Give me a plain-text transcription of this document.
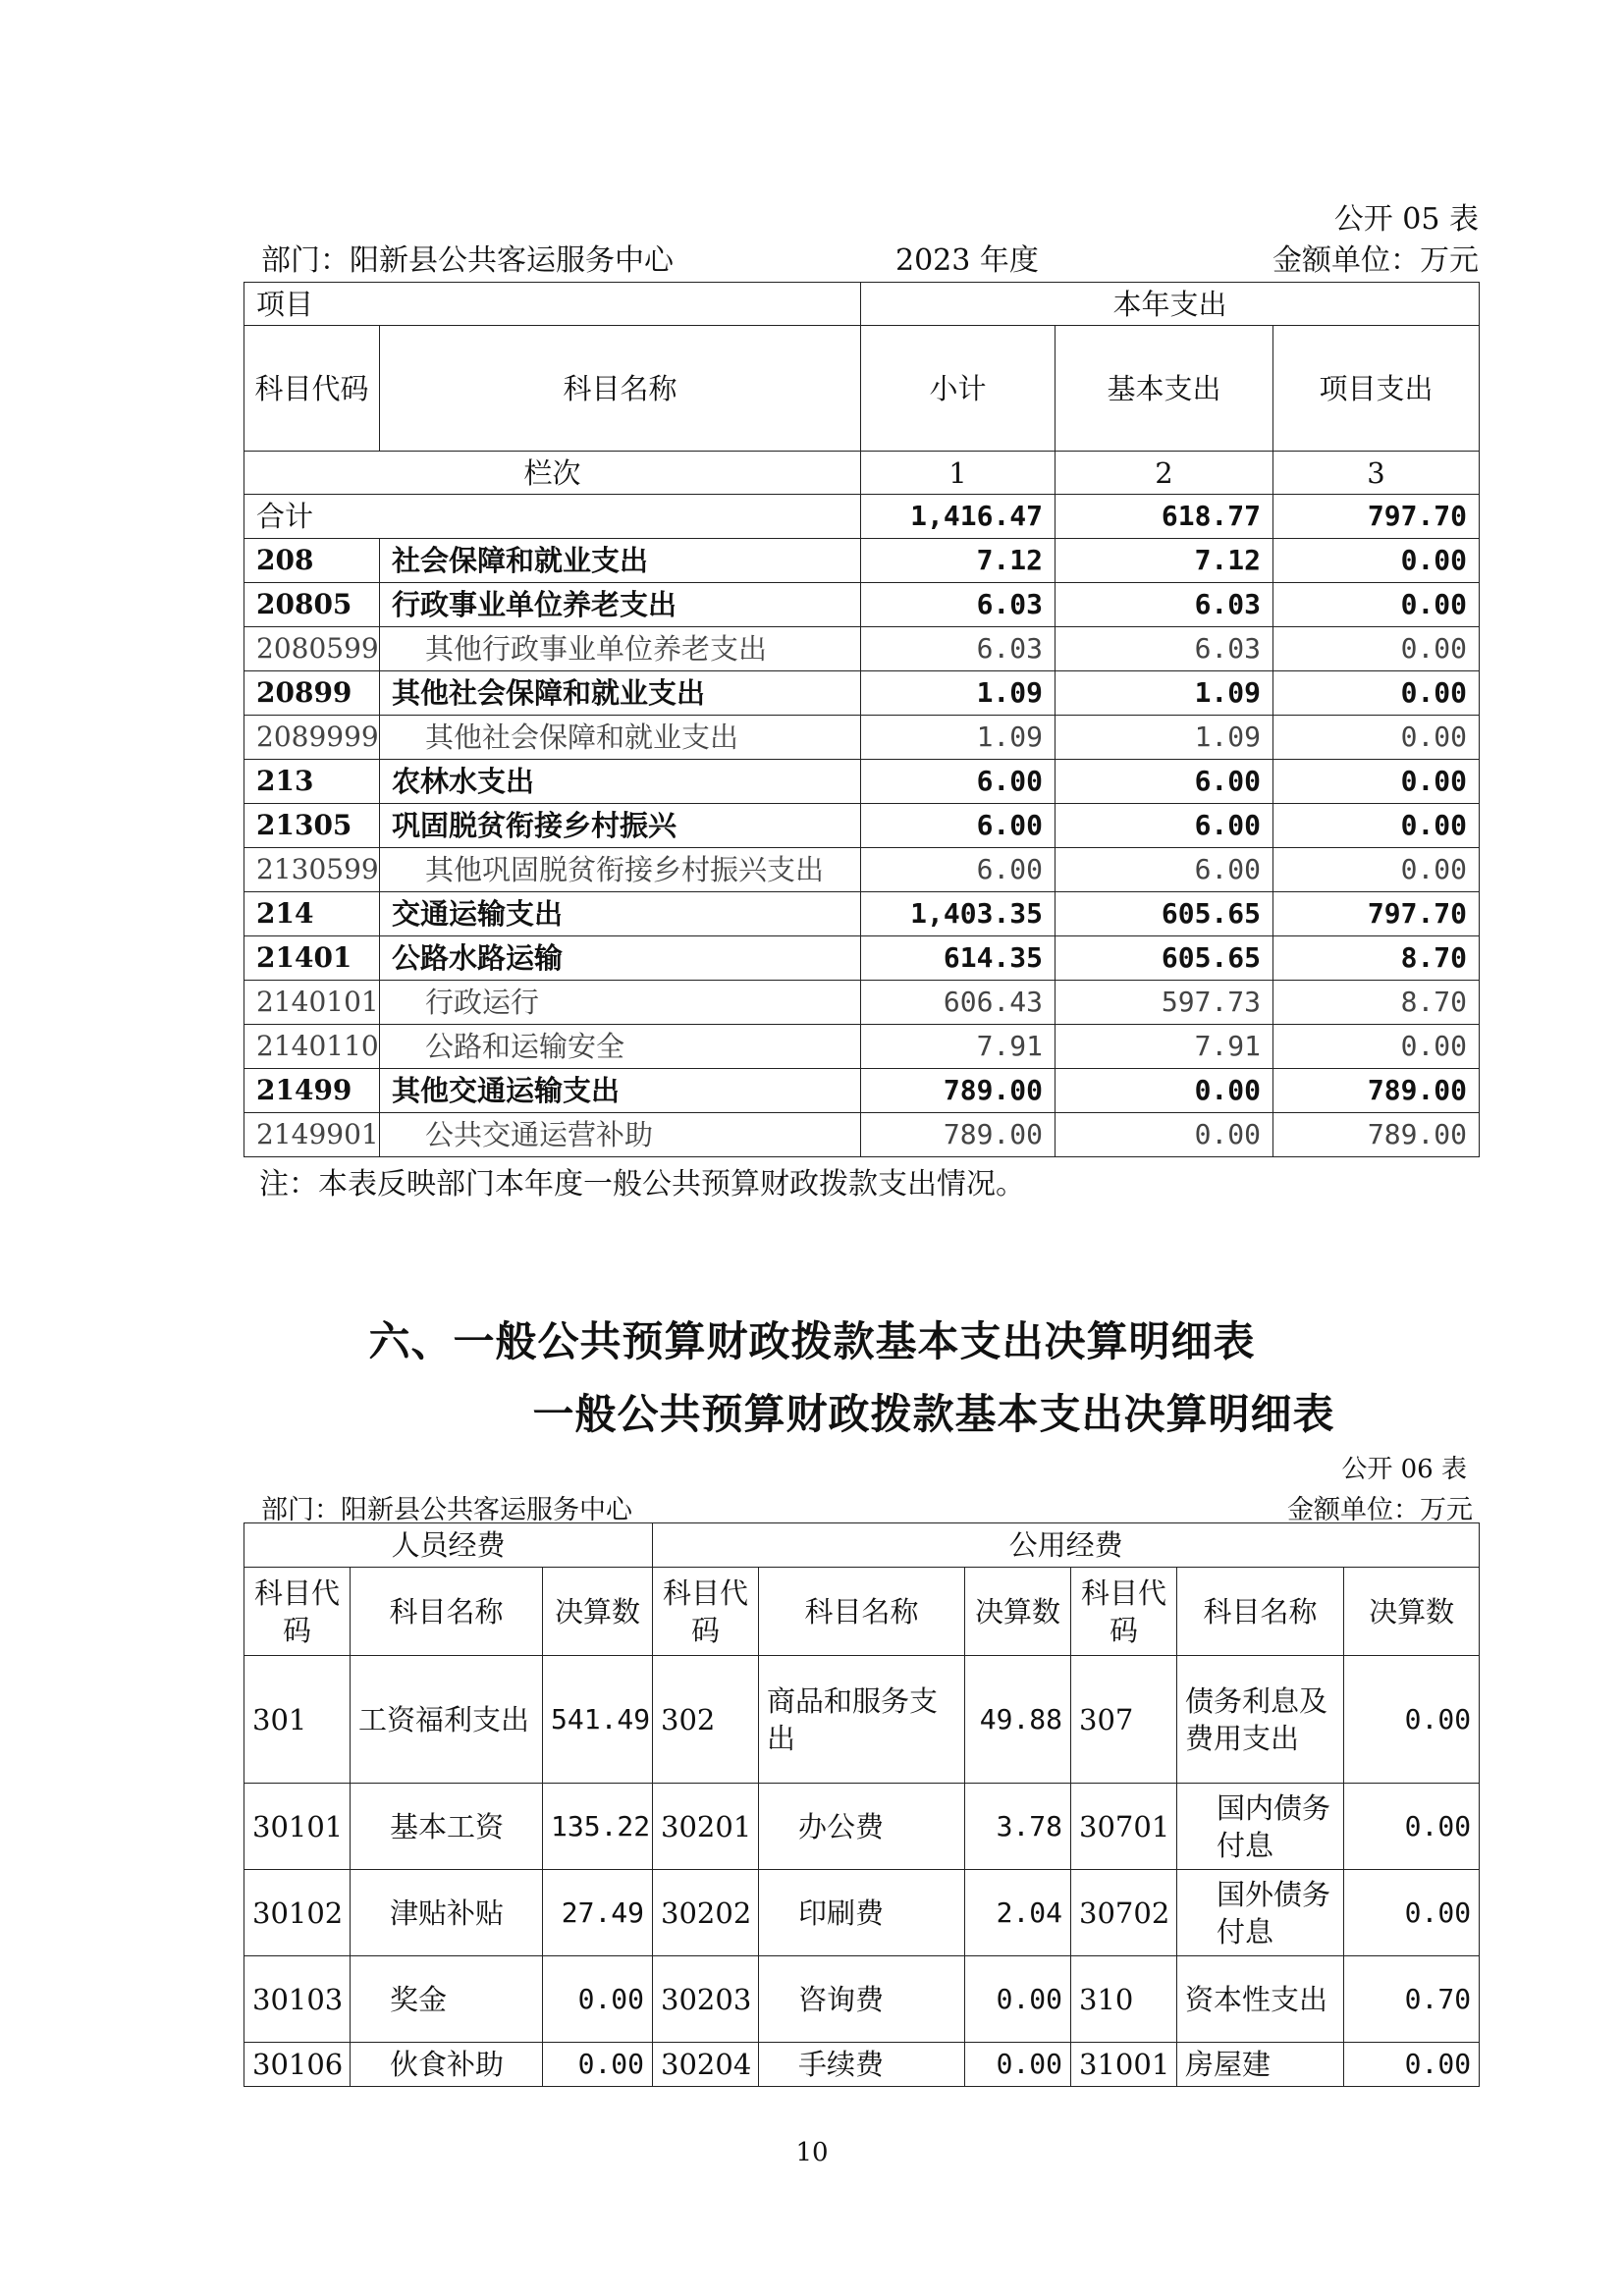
公开 05 表
部门：阳新县公共客运服务中心	2023 年度	金额单位：万元
项目		本年支出		
科目代码	科目名称	小计	基本支出	项目支出
栏次		1	2	3
合计		1,416.47	618.77	797.70
208	社会保障和就业支出	7.12	7.12	0.00
20805	行政事业单位养老支出	6.03	6.03	0.00
2080599	其他行政事业单位养老支出	6.03	6.03	0.00
20899	其他社会保障和就业支出	1.09	1.09	0.00
2089999	其他社会保障和就业支出	1.09	1.09	0.00
213	农林水支出	6.00	6.00	0.00
21305	巩固脱贫衔接乡村振兴	6.00	6.00	0.00
2130599	其他巩固脱贫衔接乡村振兴支出	6.00	6.00	0.00
214	交通运输支出	1,403.35	605.65	797.70
21401	公路水路运输	614.35	605.65	8.70
2140101	行政运行	606.43	597.73	8.70
2140110	公路和运输安全	7.91	7.91	0.00
21499	其他交通运输支出	789.00	0.00	789.00
2149901	公共交通运营补助	789.00	0.00	789.00
注：本表反映部门本年度一般公共预算财政拨款支出情况。
六、一般公共预算财政拨款基本支出决算明细表
一般公共预算财政拨款基本支出决算明细表
公开 06 表
部门：阳新县公共客运服务中心	金额单位：万元
人员经费			公用经费					
科目代码	科目名称	决算数	科目代码	科目名称	决算数	科目代码	科目名称	决算数
301	工资福利支出	541.49	302	商品和服务支出	49.88	307	债务利息及费用支出	0.00
30101	基本工资	135.22	30201	办公费	3.78	30701	国内债务付息	0.00
30102	津贴补贴	27.49	30202	印刷费	2.04	30702	国外债务付息	0.00
30103	奖金	0.00	30203	咨询费	0.00	310	资本性支出	0.70
30106	伙食补助	0.00	30204	手续费	0.00	31001	房屋建	0.00
10
